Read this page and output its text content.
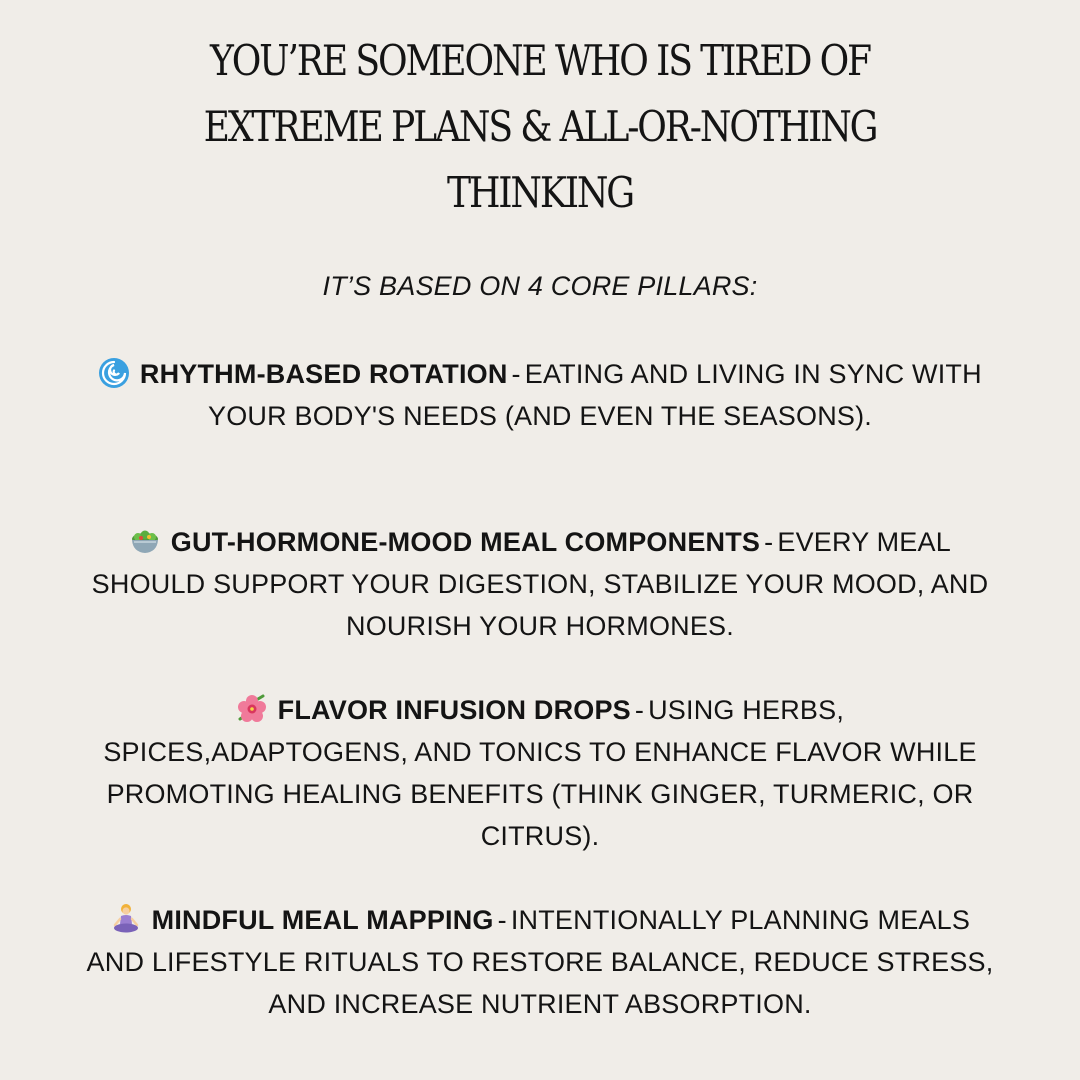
YOU’RE SOMEONE WHO IS TIRED OF
EXTREME PLANS & ALL-OR-NOTHING
THINKING

IT’S BASED ON 4 CORE PILLARS:

RHYTHM-BASED ROTATION - EATING AND LIVING IN SYNC WITH YOUR BODY'S NEEDS (AND EVEN THE SEASONS).

GUT-HORMONE-MOOD MEAL COMPONENTS - EVERY MEAL SHOULD SUPPORT YOUR DIGESTION, STABILIZE YOUR MOOD, AND NOURISH YOUR HORMONES.

FLAVOR INFUSION DROPS - USING HERBS, SPICES,ADAPTOGENS, AND TONICS TO ENHANCE FLAVOR WHILE PROMOTING HEALING BENEFITS (THINK GINGER, TURMERIC, OR CITRUS).

MINDFUL MEAL MAPPING - INTENTIONALLY PLANNING MEALS AND LIFESTYLE RITUALS TO RESTORE BALANCE, REDUCE STRESS, AND INCREASE NUTRIENT ABSORPTION.
